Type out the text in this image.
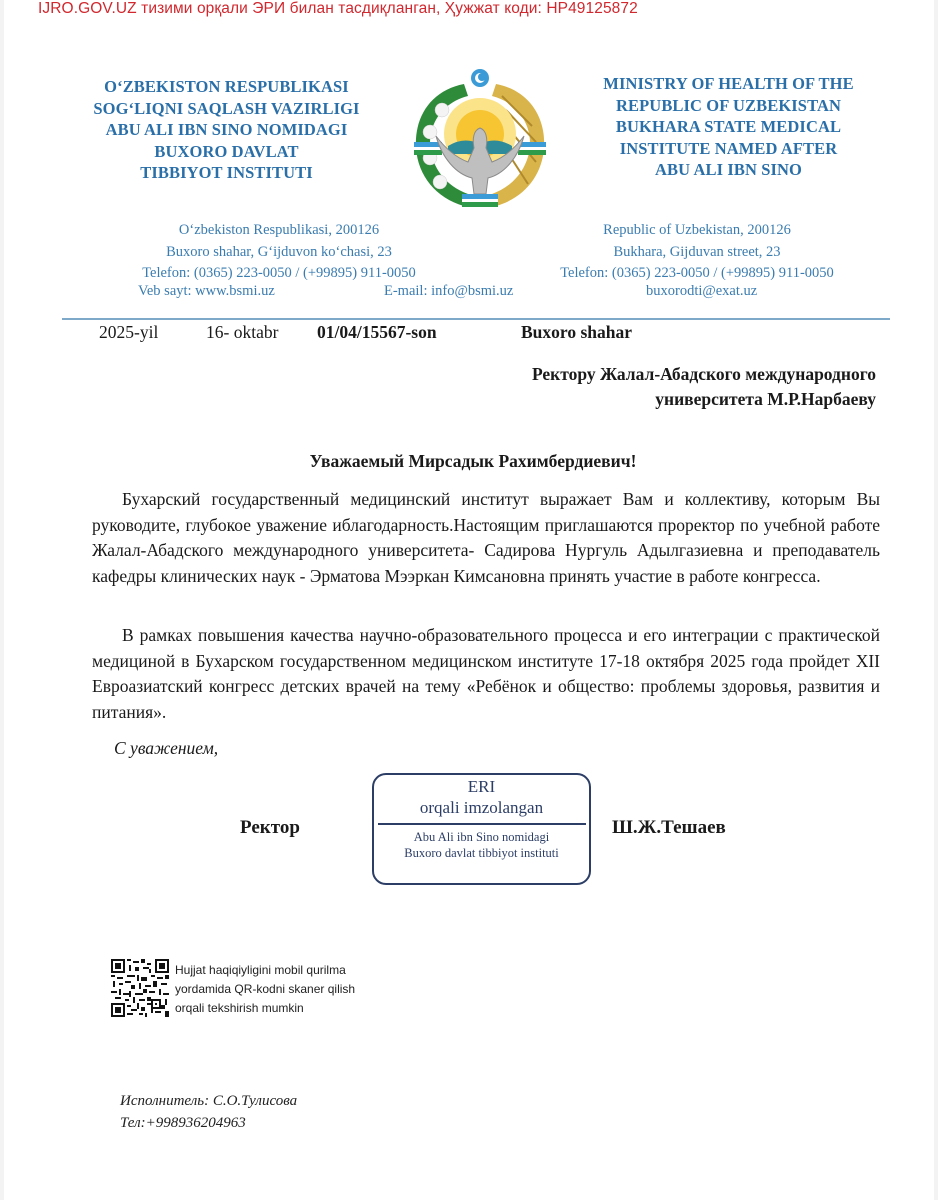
IJRO.GOV.UZ тизими орқали ЭРИ билан тасдиқланган, Ҳужжат коди: НР49125872
O‘ZBEKISTON RESPUBLIKASI
SOG‘LIQNI SAQLASH VAZIRLIGI
ABU ALI IBN SINO NOMIDAGI
BUXORO DAVLAT
TIBBIYOT INSTITUTI
MINISTRY OF HEALTH OF THE
REPUBLIC OF UZBEKISTAN
BUKHARA STATE MEDICAL
INSTITUTE NAMED AFTER
ABU ALI IBN SINO
O‘zbekiston Respublikasi, 200126
Buxoro shahar, G‘ijduvon ko‘chasi, 23
Telefon: (0365) 223-0050 / (+99895) 911-0050
Republic of Uzbekistan, 200126
Bukhara, Gijduvan street, 23
Telefon: (0365) 223-0050 / (+99895) 911-0050
Veb sayt: www.bsmi.uz	E-mail: info@bsmi.uz	buxorodti@exat.uz
2025-yil	16- oktabr 01/04/15567-son	Buxoro shahar
Ректору Жалал-Абадского международного
университета М.Р.Нарбаеву
Уважаемый Мирсадык Рахимбердиевич!

Бухарский государственный медицинский институт выражает Вам и коллективу, которым Вы руководите, глубокое уважение иблагодарность.Настоящим приглашаются проректор по учебной работе Жалал-Абадского международного университета- Садирова Нургуль Адылгазиевна и преподаватель кафедры клинических наук - Эрматова Мээркан Кимсановна принять участие в работе конгресса.

В рамках повышения качества научно-образовательного процесса и его интеграции с практической медициной в Бухарском государственном медицинском институте 17-18 октября 2025 года пройдет XII Евроазиатский конгресс детских врачей на тему «Ребёнок и общество: проблемы здоровья, развития и питания».

С уважением,
Ректор
ERI
orqali imzolangan
Abu Ali ibn Sino nomidagi
Buxoro davlat tibbiyot instituti
Ш.Ж.Тешаев
Hujjat haqiqiyligini mobil qurilma
yordamida QR-kodni skaner qilish
orqali tekshirish mumkin
Исполнитель: С.О.Тулисова
Тел:+998936204963
